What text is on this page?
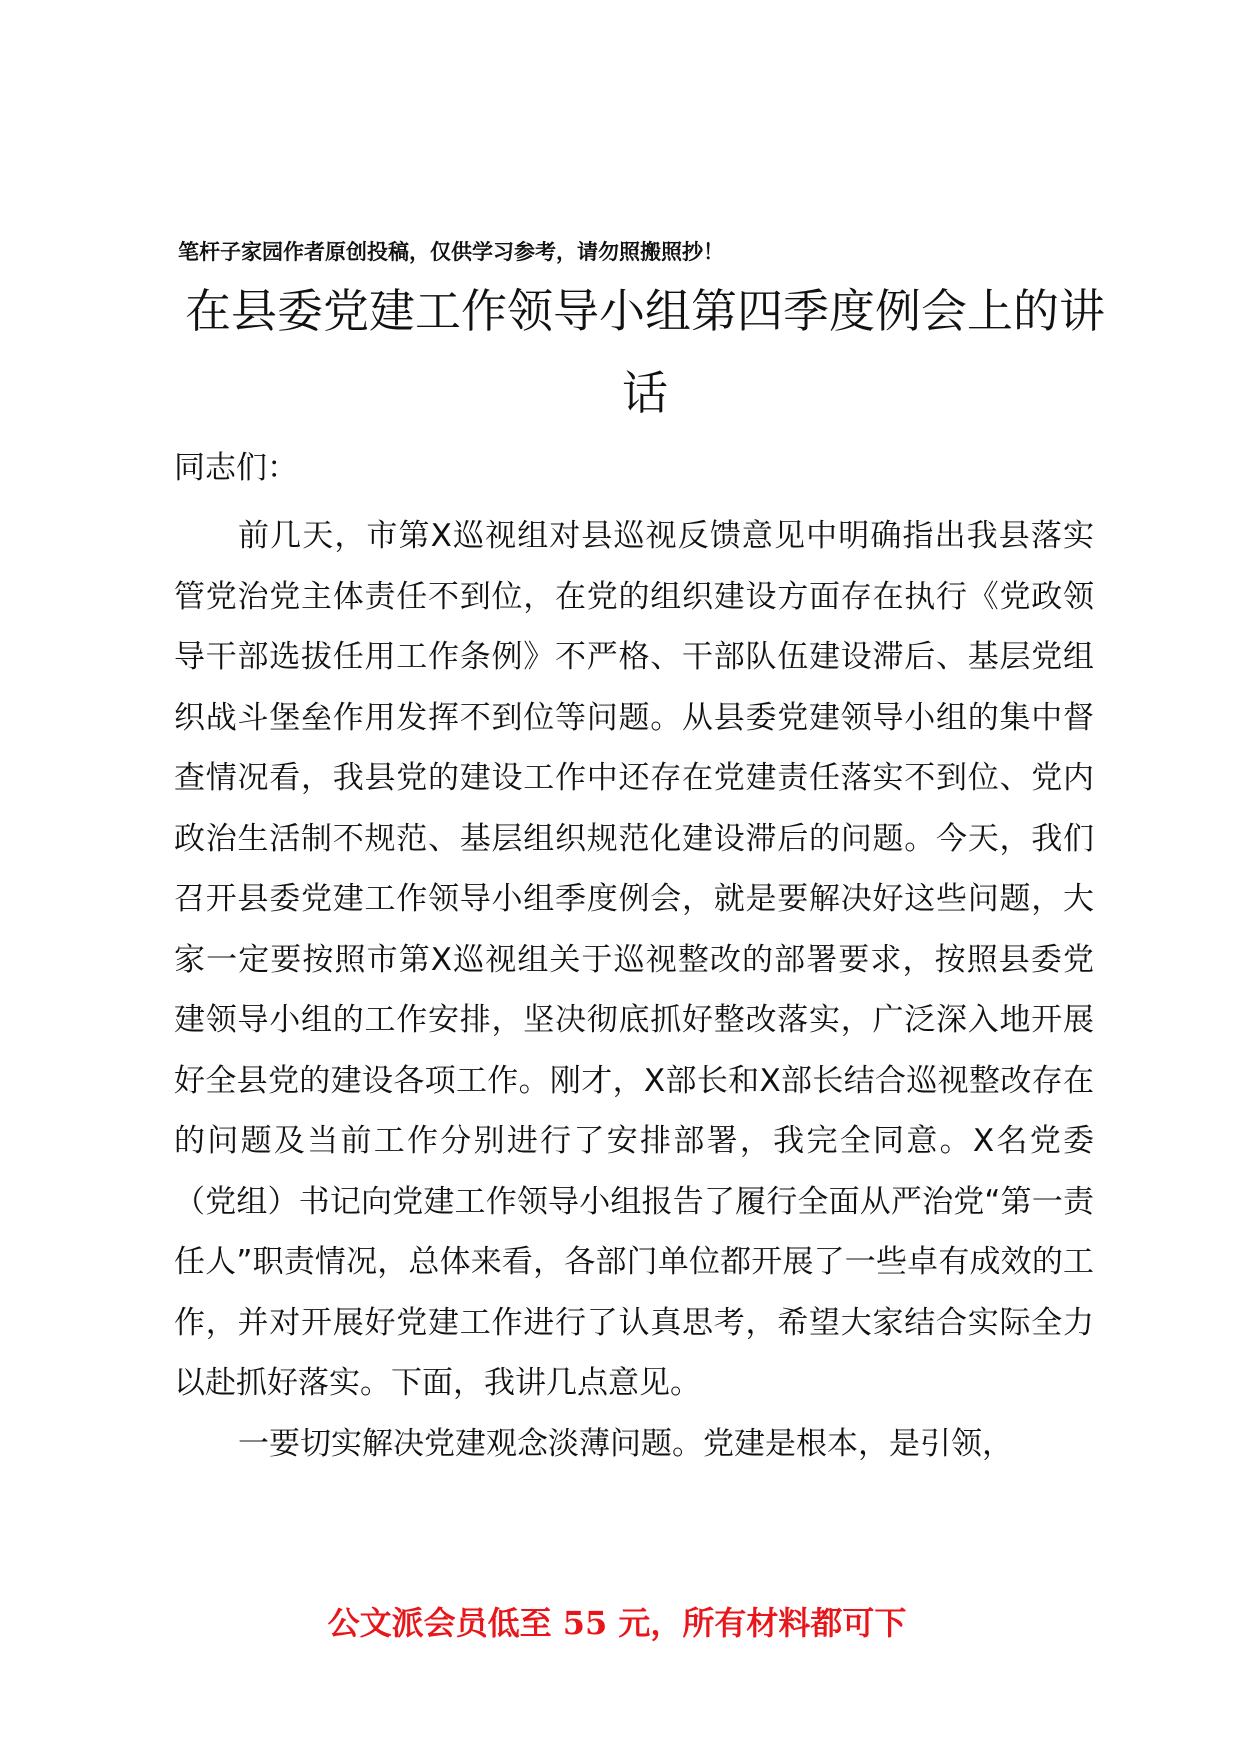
笔杆子家园作者原创投稿，仅供学习参考，请勿照搬照抄！
在县委党建工作领导小组第四季度例会上的讲话
同志们：

前几天，市第X巡视组对县巡视反馈意见中明确指出我县落实管党治党主体责任不到位，在党的组织建设方面存在执行《党政领导干部选拔任用工作条例》不严格、干部队伍建设滞后、基层党组织战斗堡垒作用发挥不到位等问题。从县委党建领导小组的集中督查情况看，我县党的建设工作中还存在党建责任落实不到位、党内政治生活制不规范、基层组织规范化建设滞后的问题。今天，我们召开县委党建工作领导小组季度例会，就是要解决好这些问题，大家一定要按照市第X巡视组关于巡视整改的部署要求，按照县委党建领导小组的工作安排，坚决彻底抓好整改落实，广泛深入地开展好全县党的建设各项工作。刚才，X部长和X部长结合巡视整改存在的问题及当前工作分别进行了安排部署，我完全同意。X名党委（党组）书记向党建工作领导小组报告了履行全面从严治党“第一责任人”职责情况，总体来看，各部门单位都开展了一些卓有成效的工作，并对开展好党建工作进行了认真思考，希望大家结合实际全力以赴抓好落实。下面，我讲几点意见。

一要切实解决党建观念淡薄问题。党建是根本，是引领，

公文派会员低至 55 元，所有材料都可下
